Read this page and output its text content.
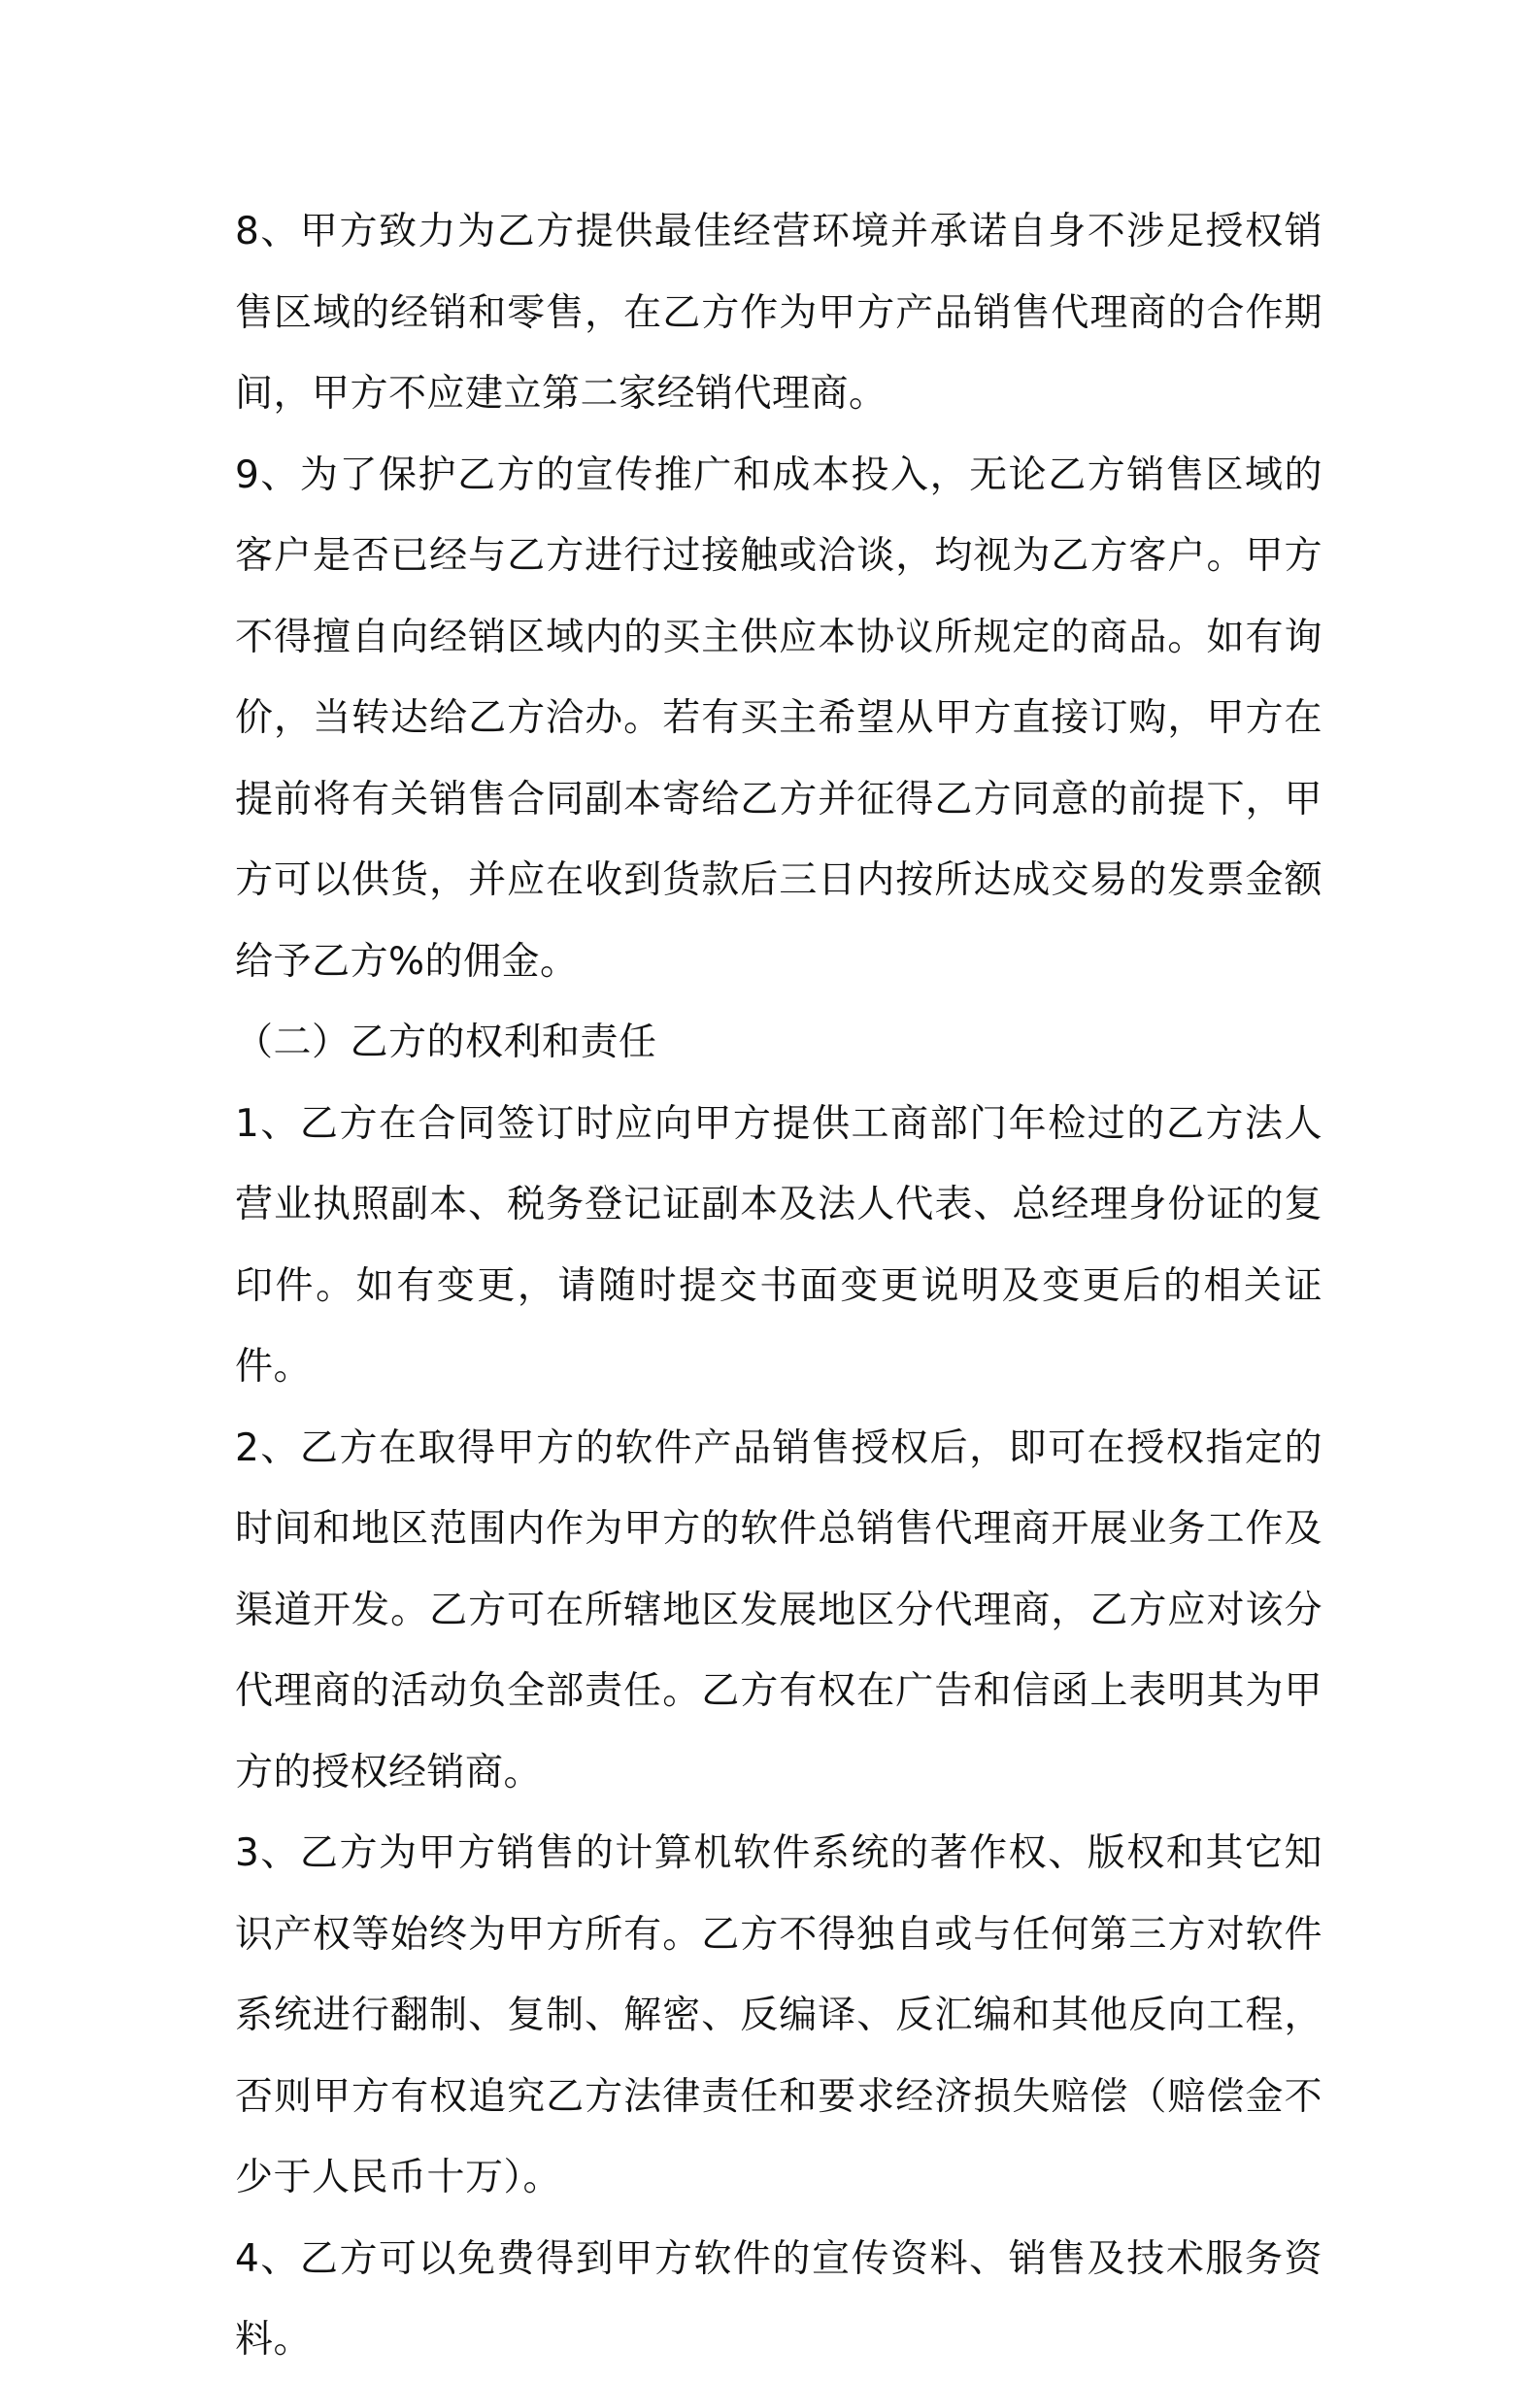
8、甲方致力为乙方提供最佳经营环境并承诺自身不涉足授权销售区域的经销和零售，在乙方作为甲方产品销售代理商的合作期间，甲方不应建立第二家经销代理商。

9、为了保护乙方的宣传推广和成本投入，无论乙方销售区域的客户是否已经与乙方进行过接触或洽谈，均视为乙方客户。甲方不得擅自向经销区域内的买主供应本协议所规定的商品。如有询价，当转达给乙方洽办。若有买主希望从甲方直接订购，甲方在提前将有关销售合同副本寄给乙方并征得乙方同意的前提下，甲方可以供货，并应在收到货款后三日内按所达成交易的发票金额给予乙方%的佣金。

（二）乙方的权利和责任

1、乙方在合同签订时应向甲方提供工商部门年检过的乙方法人营业执照副本、税务登记证副本及法人代表、总经理身份证的复印件。如有变更，请随时提交书面变更说明及变更后的相关证件。

2、乙方在取得甲方的软件产品销售授权后，即可在授权指定的时间和地区范围内作为甲方的软件总销售代理商开展业务工作及渠道开发。乙方可在所辖地区发展地区分代理商，乙方应对该分代理商的活动负全部责任。乙方有权在广告和信函上表明其为甲方的授权经销商。

3、乙方为甲方销售的计算机软件系统的著作权、版权和其它知识产权等始终为甲方所有。乙方不得独自或与任何第三方对软件系统进行翻制、复制、解密、反编译、反汇编和其他反向工程，否则甲方有权追究乙方法律责任和要求经济损失赔偿（赔偿金不少于人民币十万）。

4、乙方可以免费得到甲方软件的宣传资料、销售及技术服务资料。
